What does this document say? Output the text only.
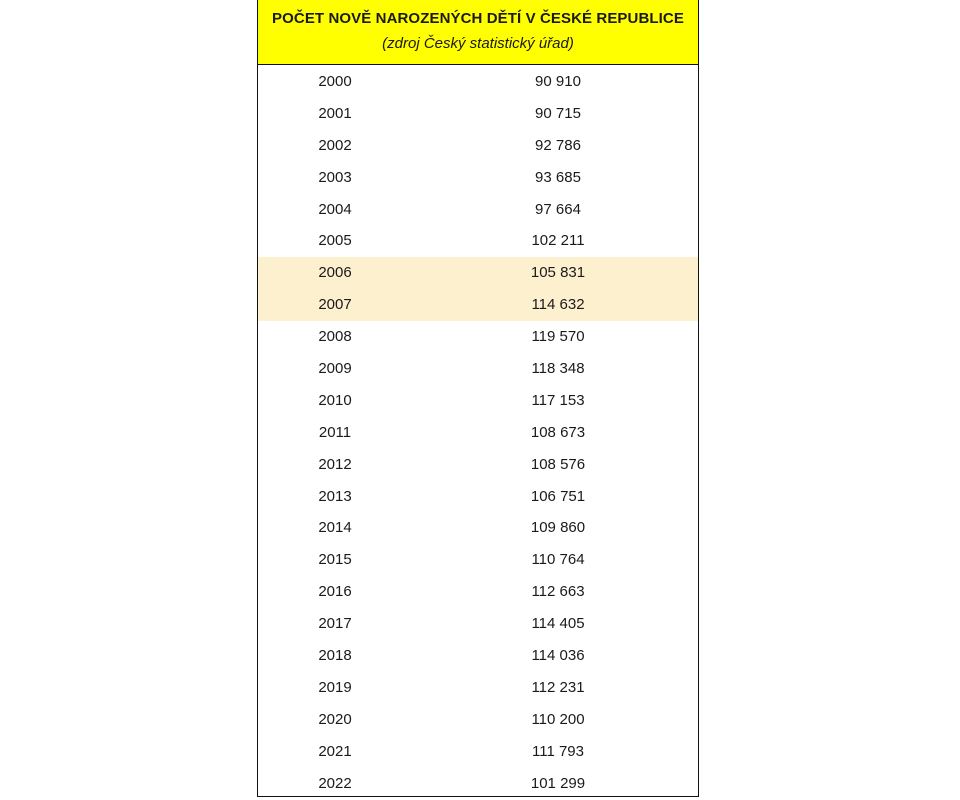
POČET NOVĚ NAROZENÝCH DĚTÍ V ČESKÉ REPUBLICE
(zdroj Český statistický úřad)
2000	90 910
2001	90 715
2002	92 786
2003	93 685
2004	97 664
2005	102 211
2006	105 831
2007	114 632
2008	119 570
2009	118 348
2010	117 153
2011	108 673
2012	108 576
2013	106 751
2014	109 860
2015	110 764
2016	112 663
2017	114 405
2018	114 036
2019	112 231
2020	110 200
2021	111 793
2022	101 299
